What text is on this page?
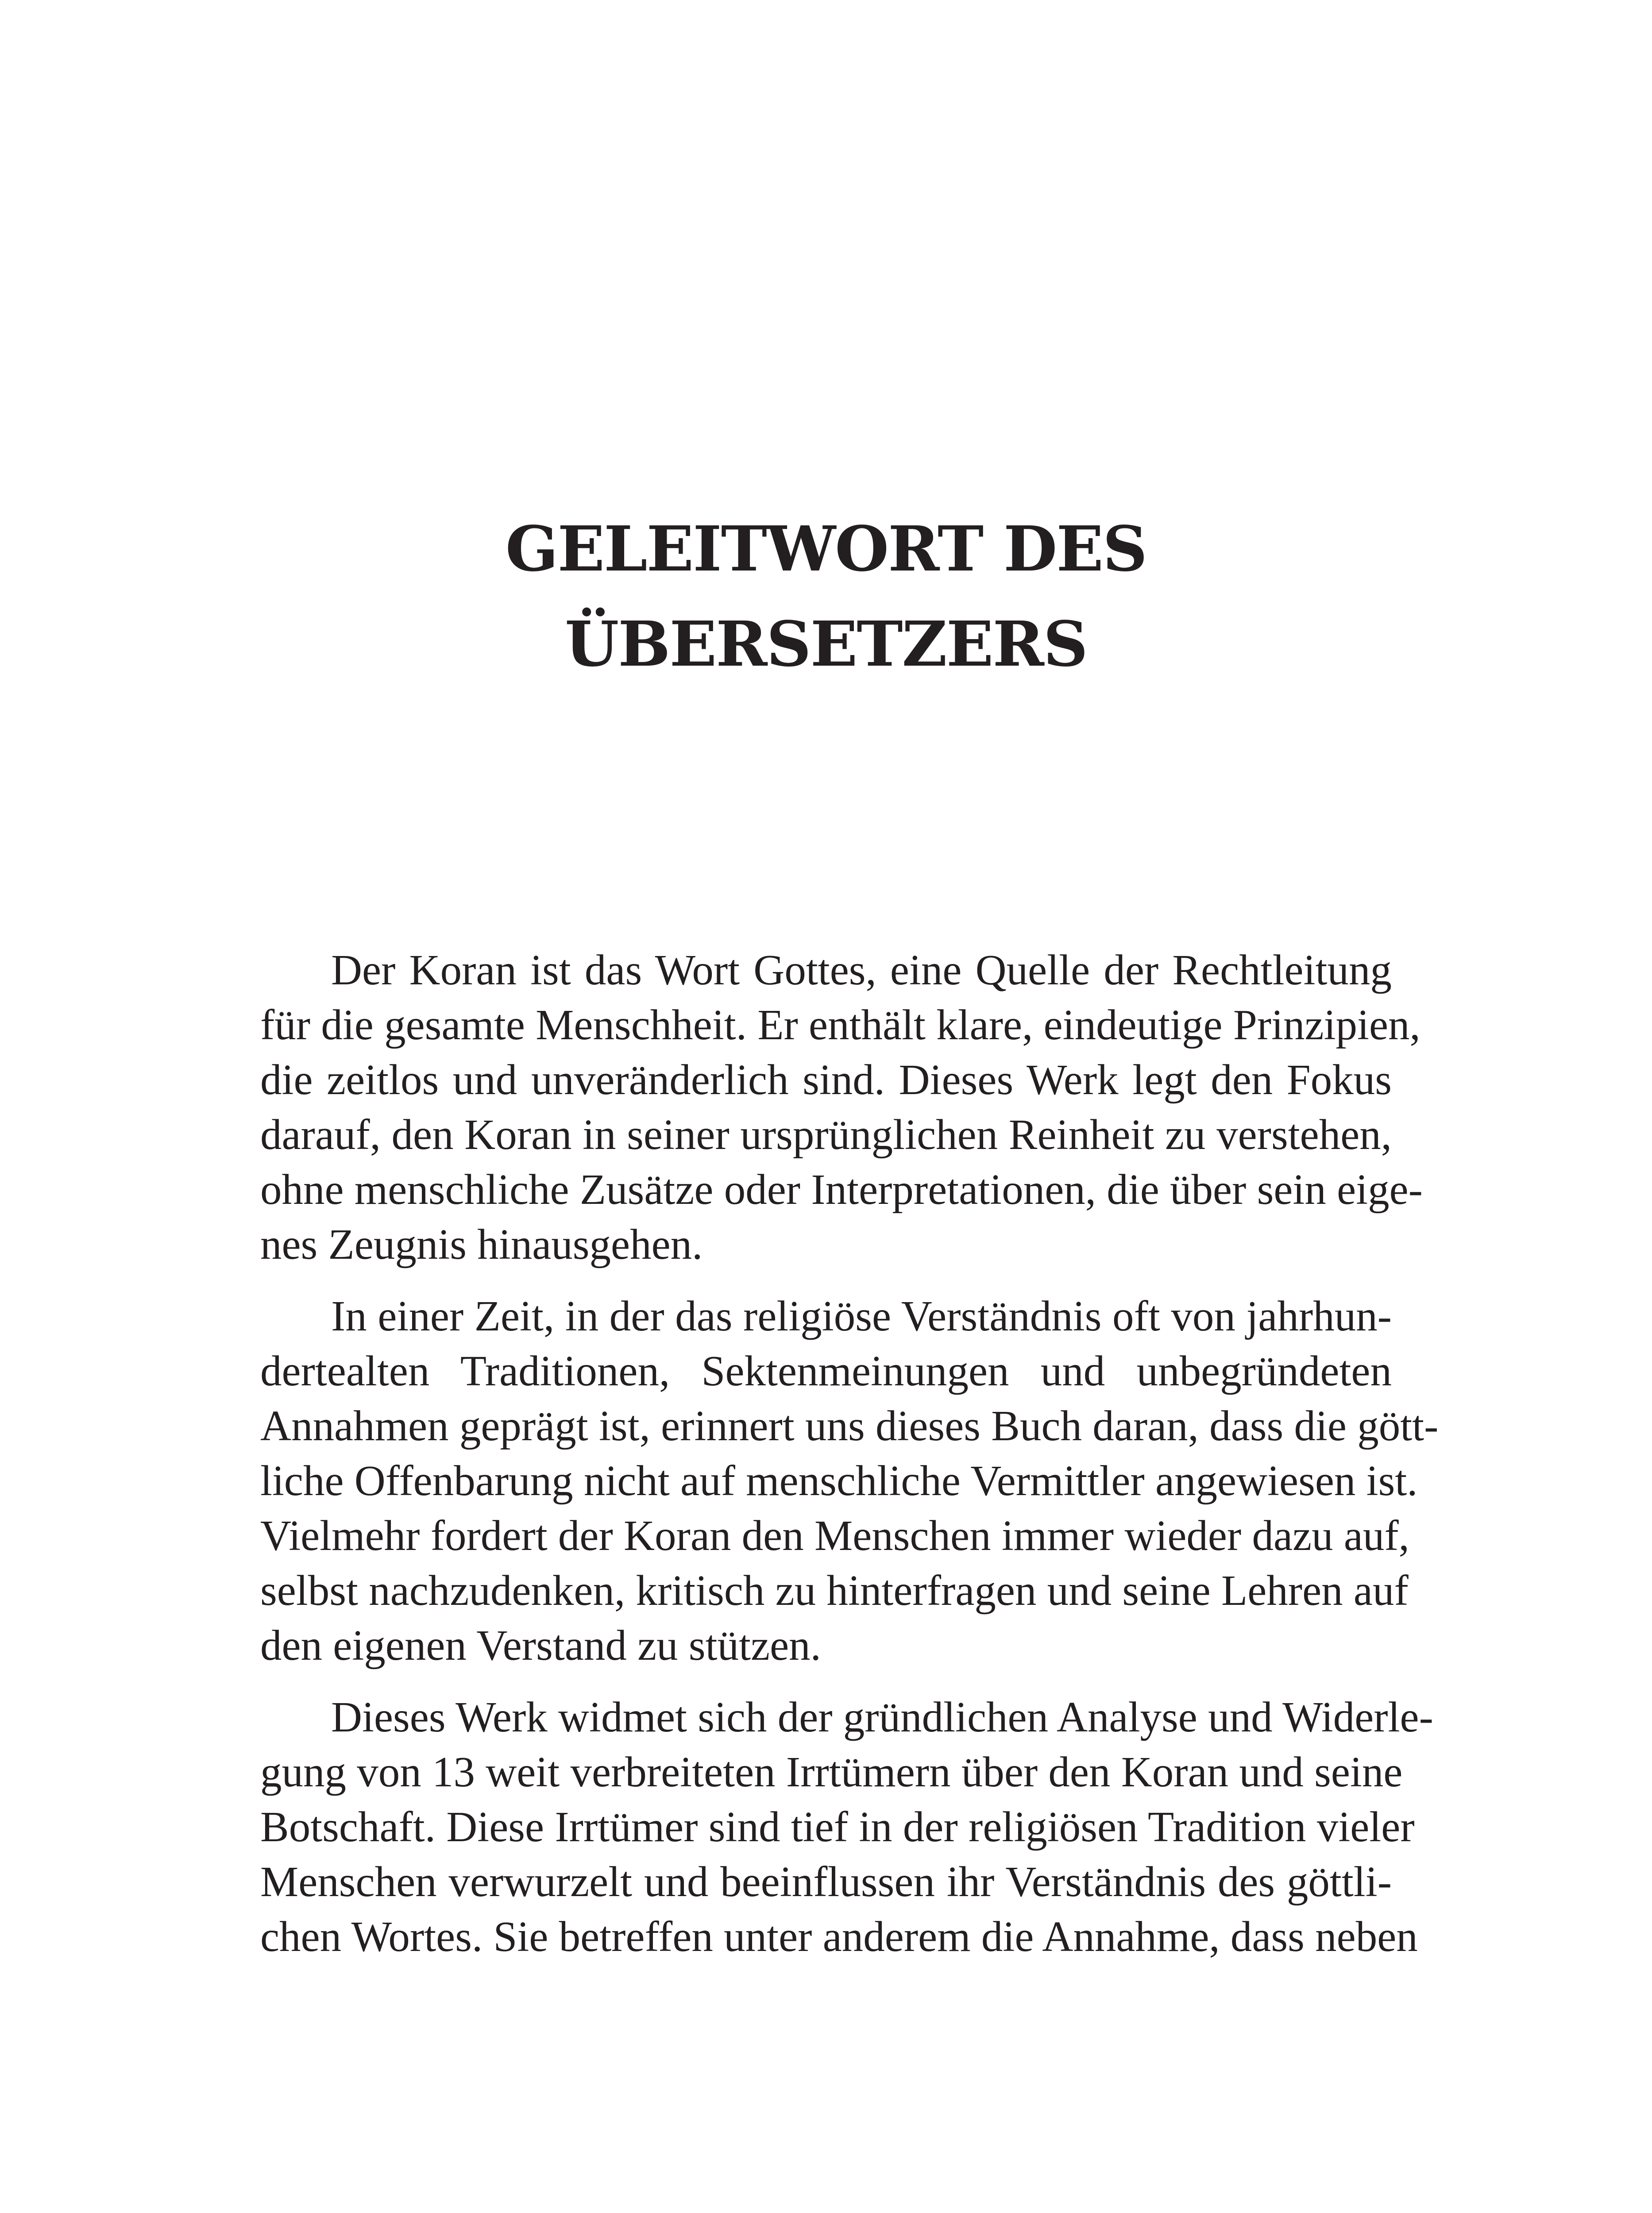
GELEITWORT DES
ÜBERSETZERS
Der Koran ist das Wort Gottes, eine Quelle der Rechtleitung
für die gesamte Menschheit. Er enthält klare, eindeutige Prinzipien,
die zeitlos und unveränderlich sind. Dieses Werk legt den Fokus
darauf, den Koran in seiner ursprünglichen Reinheit zu verstehen,
ohne menschliche Zusätze oder Interpretationen, die über sein eige-
nes Zeugnis hinausgehen.
In einer Zeit, in der das religiöse Verständnis oft von jahrhun-
dertealten Traditionen, Sektenmeinungen und unbegründeten
Annahmen geprägt ist, erinnert uns dieses Buch daran, dass die gött-
liche Offenbarung nicht auf menschliche Vermittler angewiesen ist.
Vielmehr fordert der Koran den Menschen immer wieder dazu auf,
selbst nachzudenken, kritisch zu hinterfragen und seine Lehren auf
den eigenen Verstand zu stützen.
Dieses Werk widmet sich der gründlichen Analyse und Widerle-
gung von 13 weit verbreiteten Irrtümern über den Koran und seine
Botschaft. Diese Irrtümer sind tief in der religiösen Tradition vieler
Menschen verwurzelt und beeinflussen ihr Verständnis des göttli-
chen Wortes. Sie betreffen unter anderem die Annahme, dass neben
